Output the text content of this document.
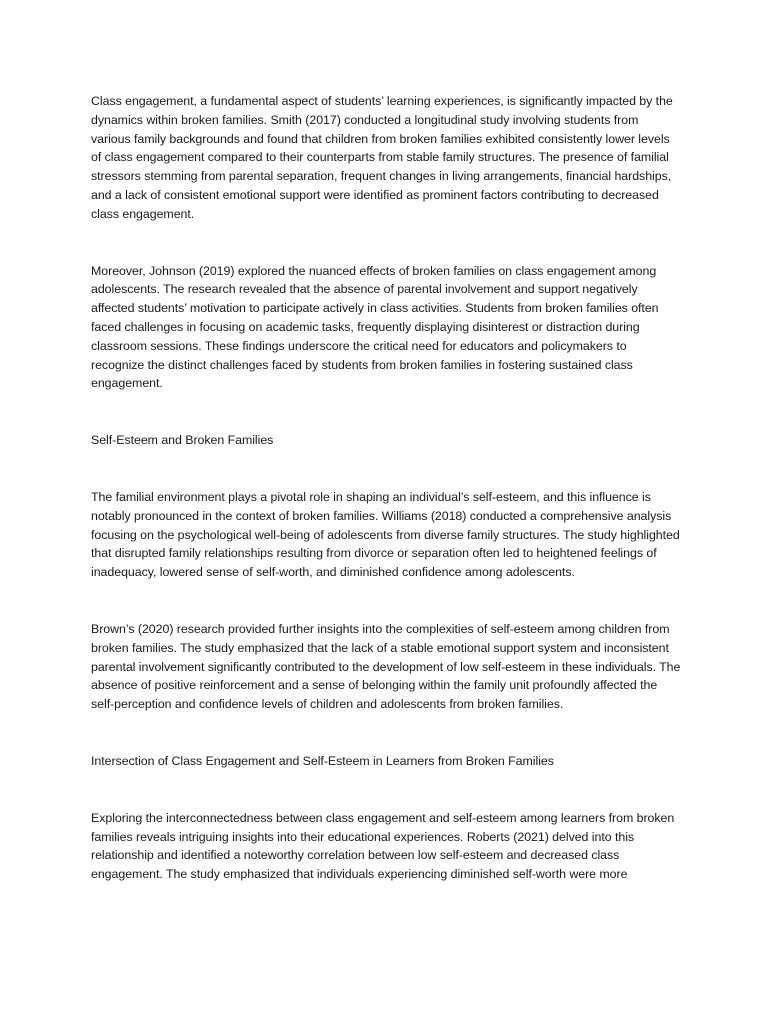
Class engagement, a fundamental aspect of students’ learning experiences, is significantly impacted by the dynamics within broken families. Smith (2017) conducted a longitudinal study involving students from various family backgrounds and found that children from broken families exhibited consistently lower levels of class engagement compared to their counterparts from stable family structures. The presence of familial stressors stemming from parental separation, frequent changes in living arrangements, financial hardships, and a lack of consistent emotional support were identified as prominent factors contributing to decreased class engagement.

Moreover, Johnson (2019) explored the nuanced effects of broken families on class engagement among adolescents. The research revealed that the absence of parental involvement and support negatively affected students’ motivation to participate actively in class activities. Students from broken families often faced challenges in focusing on academic tasks, frequently displaying disinterest or distraction during classroom sessions. These findings underscore the critical need for educators and policymakers to recognize the distinct challenges faced by students from broken families in fostering sustained class engagement.

Self-Esteem and Broken Families

The familial environment plays a pivotal role in shaping an individual’s self-esteem, and this influence is notably pronounced in the context of broken families. Williams (2018) conducted a comprehensive analysis focusing on the psychological well-being of adolescents from diverse family structures. The study highlighted that disrupted family relationships resulting from divorce or separation often led to heightened feelings of inadequacy, lowered sense of self-worth, and diminished confidence among adolescents.

Brown’s (2020) research provided further insights into the complexities of self-esteem among children from broken families. The study emphasized that the lack of a stable emotional support system and inconsistent parental involvement significantly contributed to the development of low self-esteem in these individuals. The absence of positive reinforcement and a sense of belonging within the family unit profoundly affected the self-perception and confidence levels of children and adolescents from broken families.

Intersection of Class Engagement and Self-Esteem in Learners from Broken Families

Exploring the interconnectedness between class engagement and self-esteem among learners from broken families reveals intriguing insights into their educational experiences. Roberts (2021) delved into this relationship and identified a noteworthy correlation between low self-esteem and decreased class engagement. The study emphasized that individuals experiencing diminished self-worth were more
